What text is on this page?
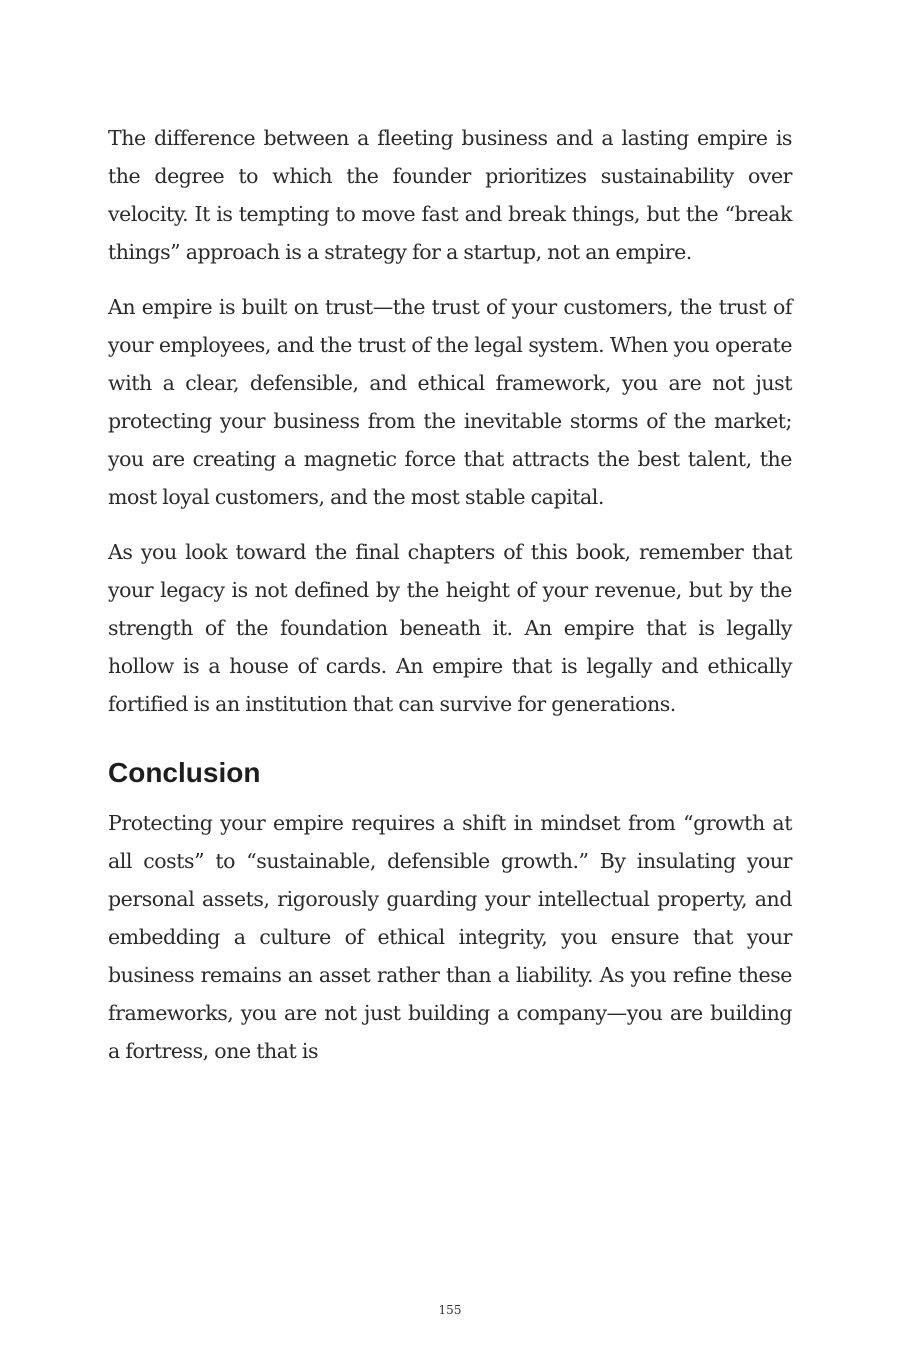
The difference between a fleeting business and a lasting empire is the degree to which the founder prioritizes sustainability over velocity. It is tempting to move fast and break things, but the “break things” approach is a strategy for a startup, not an empire.

An empire is built on trust—the trust of your customers, the trust of your employees, and the trust of the legal system. When you operate with a clear, defensible, and ethical framework, you are not just protecting your business from the inevitable storms of the market; you are creating a magnetic force that attracts the best talent, the most loyal customers, and the most stable capital.

As you look toward the final chapters of this book, remember that your legacy is not defined by the height of your revenue, but by the strength of the foundation beneath it. An empire that is legally hollow is a house of cards. An empire that is legally and ethically fortified is an institution that can survive for generations.

Conclusion

Protecting your empire requires a shift in mindset from “growth at all costs” to “sustainable, defensible growth.” By insulating your personal assets, rigorously guarding your intellectual property, and embedding a culture of ethical integrity, you ensure that your business remains an asset rather than a liability. As you refine these frameworks, you are not just building a company—you are building a fortress, one that is

155
